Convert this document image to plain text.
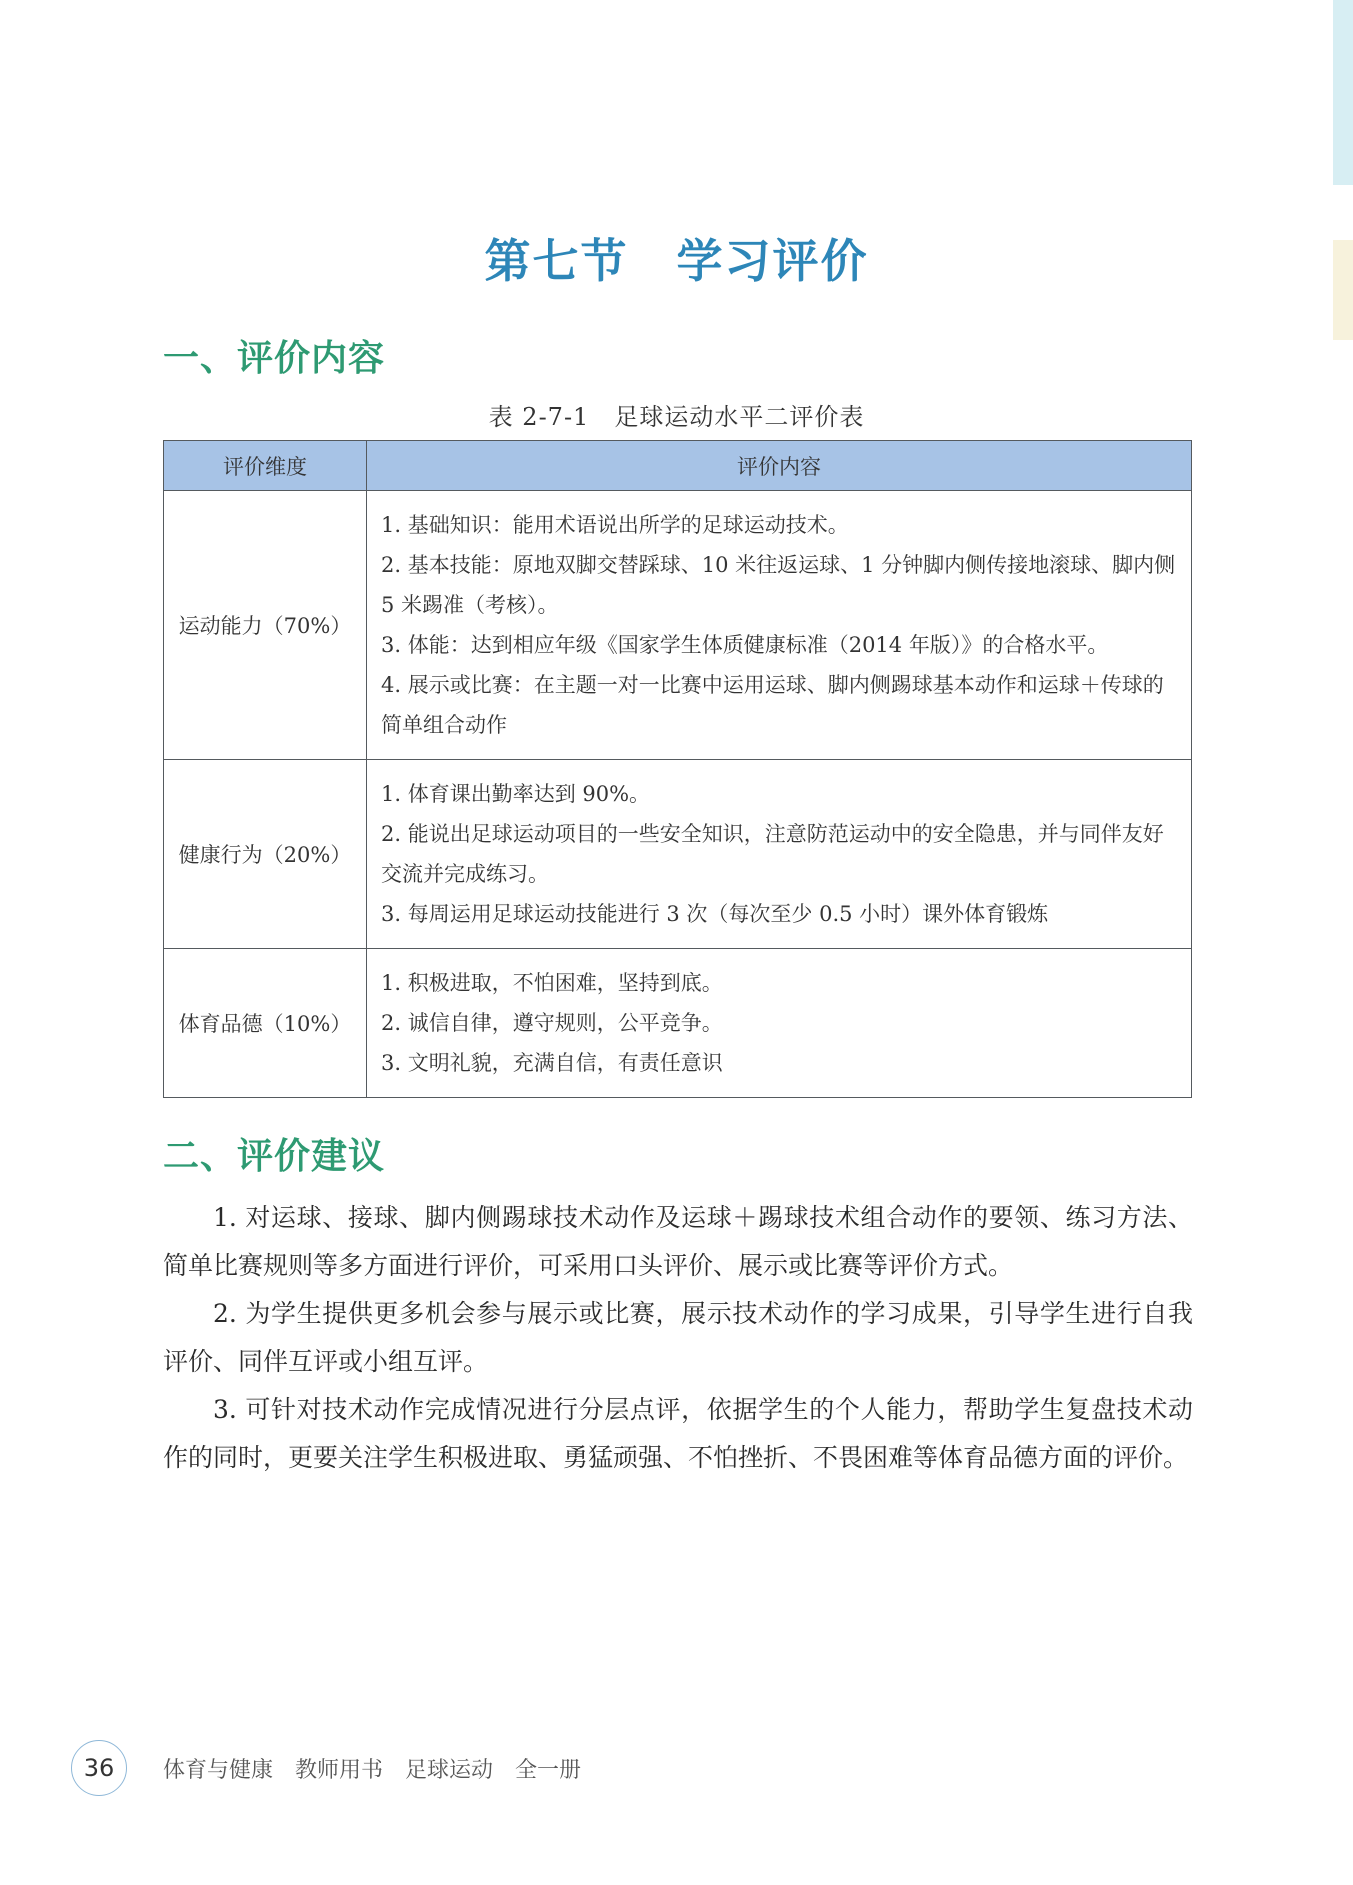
第七节　学习评价
一、评价内容
表 2-7-1　足球运动水平二评价表
评价维度	评价内容
运动能力（70%）	1. 基础知识：能用术语说出所学的足球运动技术。
2. 基本技能：原地双脚交替踩球、10 米往返运球、1 分钟脚内侧传接地滚球、脚内侧 5 米踢准（考核）。
3. 体能：达到相应年级《国家学生体质健康标准（2014 年版）》的合格水平。
4. 展示或比赛：在主题一对一比赛中运用运球、脚内侧踢球基本动作和运球＋传球的简单组合动作

健康行为（20%）	1. 体育课出勤率达到 90%。
2. 能说出足球运动项目的一些安全知识，注意防范运动中的安全隐患，并与同伴友好交流并完成练习。
3. 每周运用足球运动技能进行 3 次（每次至少 0.5 小时）课外体育锻炼

体育品德（10%）	1. 积极进取，不怕困难，坚持到底。
2. 诚信自律，遵守规则，公平竞争。
3. 文明礼貌，充满自信，有责任意识
二、评价建议
1. 对运球、接球、脚内侧踢球技术动作及运球＋踢球技术组合动作的要领、练习方法、简单比赛规则等多方面进行评价，可采用口头评价、展示或比赛等评价方式。
2. 为学生提供更多机会参与展示或比赛，展示技术动作的学习成果，引导学生进行自我评价、同伴互评或小组互评。
3. 可针对技术动作完成情况进行分层点评，依据学生的个人能力，帮助学生复盘技术动作的同时，更要关注学生积极进取、勇猛顽强、不怕挫折、不畏困难等体育品德方面的评价。
36	体育与健康　教师用书　足球运动　全一册
